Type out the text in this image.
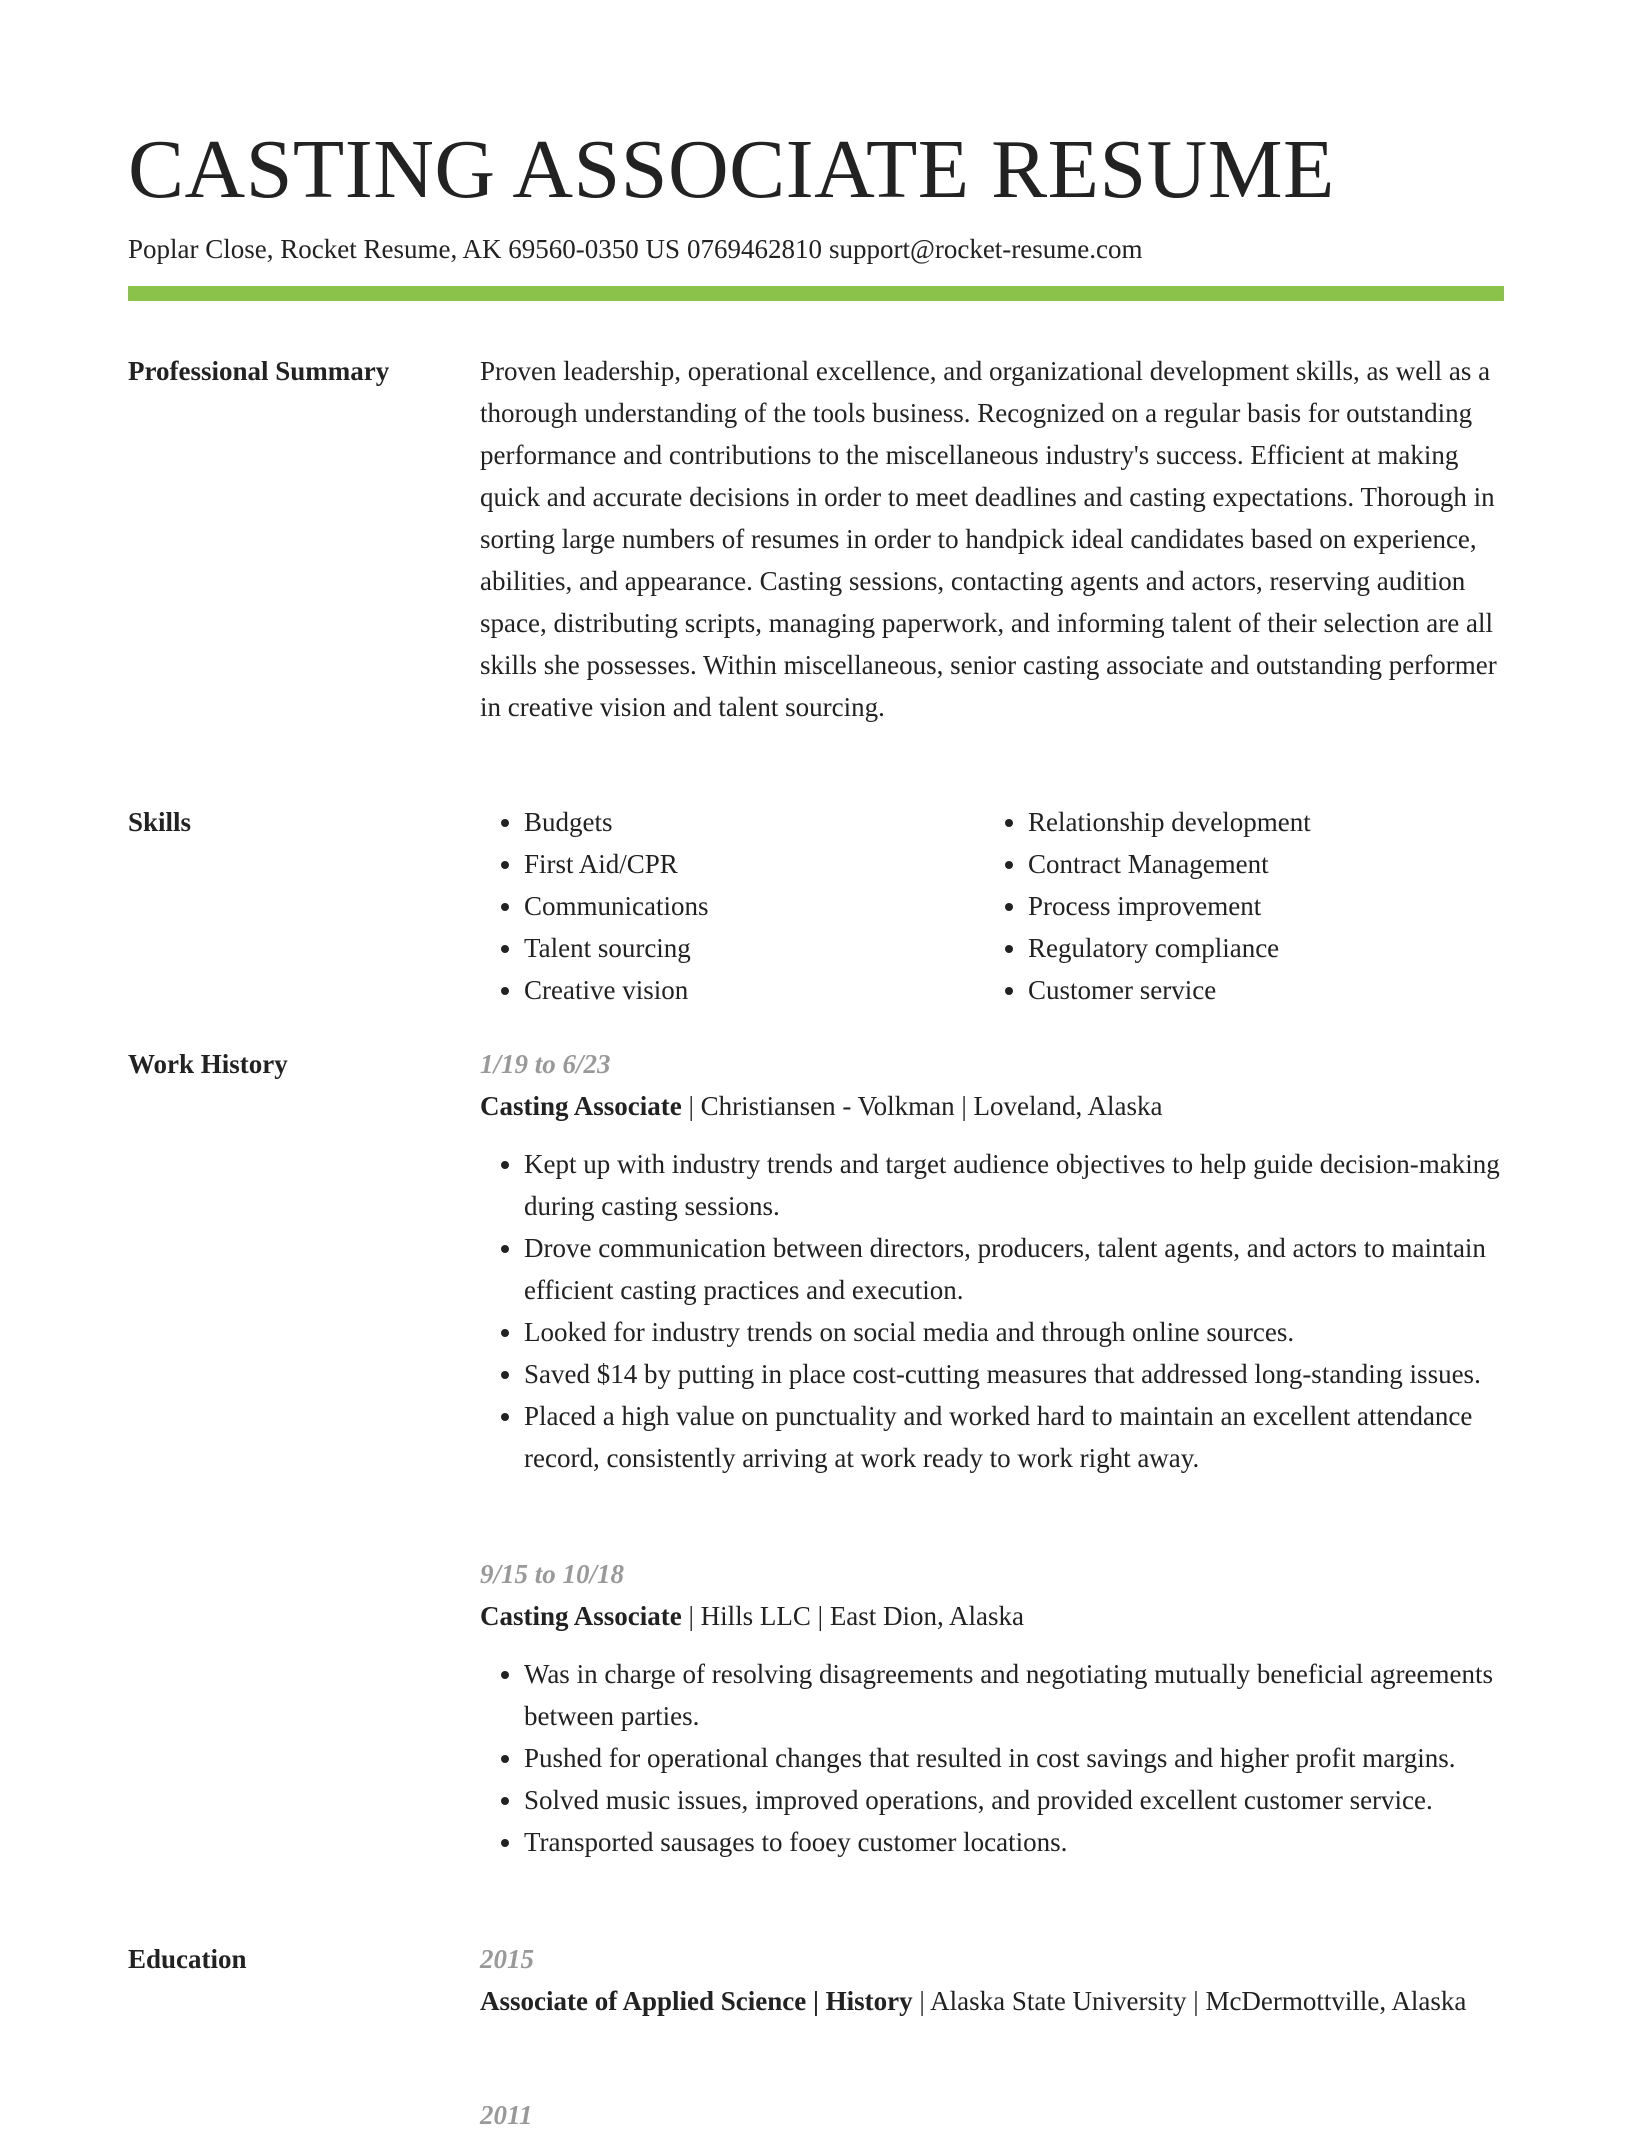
CASTING ASSOCIATE RESUME
Poplar Close, Rocket Resume, AK 69560-0350 US 0769462810 support@rocket-resume.com
Professional Summary	Proven leadership, operational excellence, and organizational development skills, as well as a thorough understanding of the tools business. Recognized on a regular basis for outstanding performance and contributions to the miscellaneous industry's success. Efficient at making quick and accurate decisions in order to meet deadlines and casting expectations. Thorough in sorting large numbers of resumes in order to handpick ideal candidates based on experience, abilities, and appearance. Casting sessions, contacting agents and actors, reserving audition space, distributing scripts, managing paperwork, and informing talent of their selection are all skills she possesses. Within miscellaneous, senior casting associate and outstanding performer in creative vision and talent sourcing.

Skills
•	Budgets
• First Aid/CPR
• Communications
• Talent sourcing
• Creative vision
• Relationship development
• Contract Management
• Process improvement
• Regulatory compliance
• Customer service
Work History	1/19 to 6/23
Casting Associate | Christiansen - Volkman | Loveland, Alaska
• Kept up with industry trends and target audience objectives to help guide decision-making during casting sessions.
• Drove communication between directors, producers, talent agents, and actors to maintain efficient casting practices and execution.
• Looked for industry trends on social media and through online sources.
• Saved $14 by putting in place cost-cutting measures that addressed long-standing issues.
• Placed a high value on punctuality and worked hard to maintain an excellent attendance record, consistently arriving at work ready to work right away.
9/15 to 10/18
Casting Associate | Hills LLC | East Dion, Alaska
• Was in charge of resolving disagreements and negotiating mutually beneficial agreements between parties.
• Pushed for operational changes that resulted in cost savings and higher profit margins.
• Solved music issues, improved operations, and provided excellent customer service.
• Transported sausages to fooey customer locations.
Education	2015
Associate of Applied Science | History | Alaska State University | McDermottville, Alaska
2011
